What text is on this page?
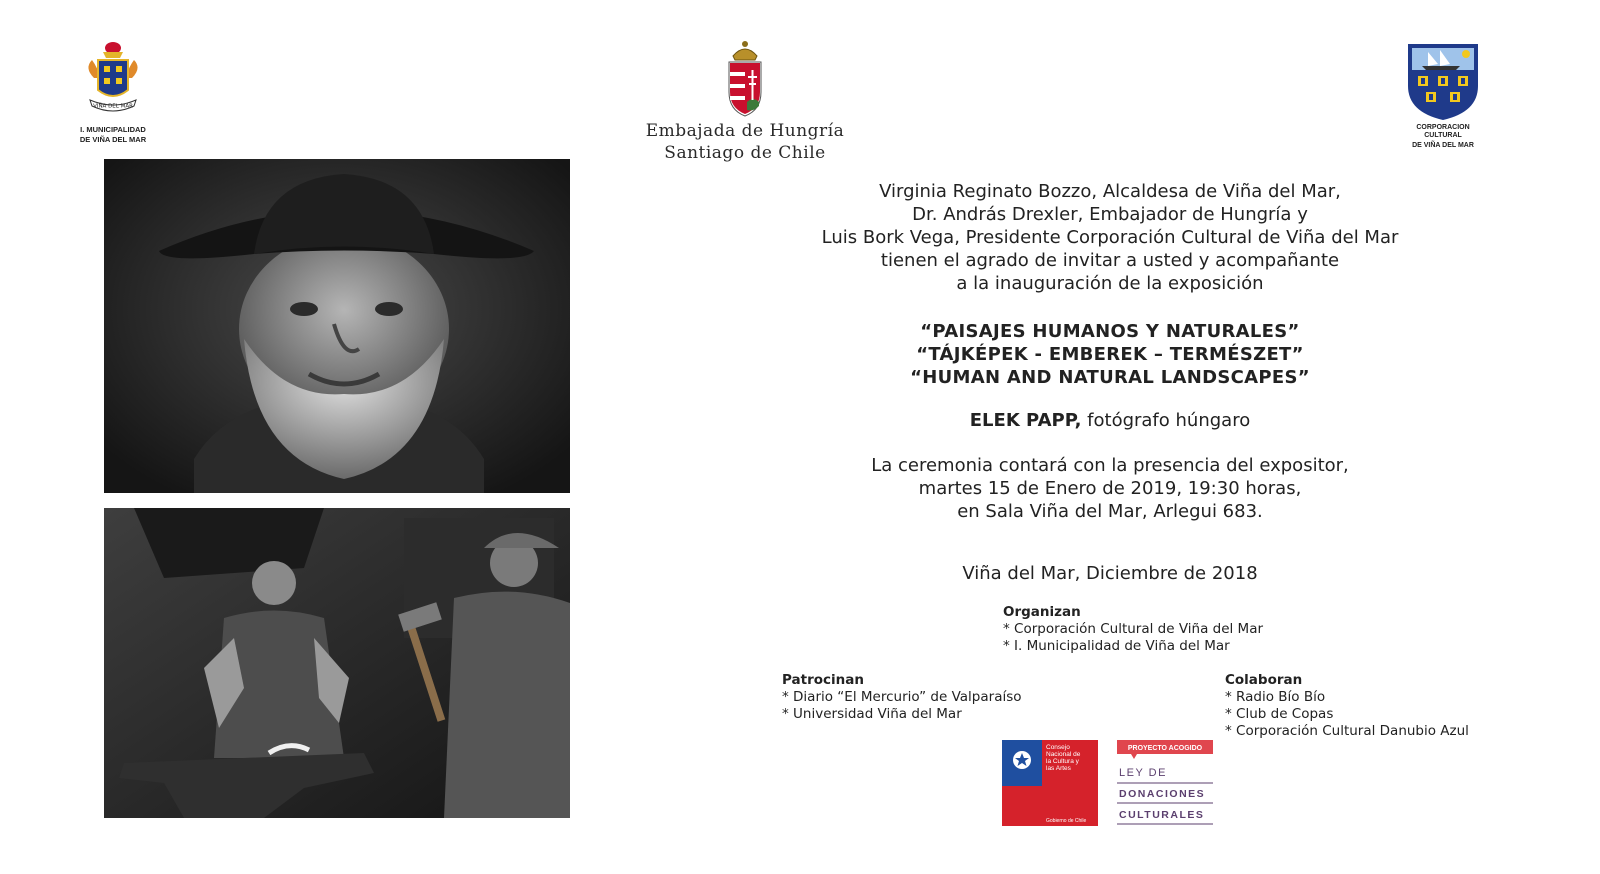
VIÑA DEL MAR
I. MUNICIPALIDAD
DE VIÑA DEL MAR	Embajada de Hungría
Santiago de Chile
CORPORACION CULTURAL
DE VIÑA DEL MAR
Virginia Reginato Bozzo, Alcaldesa de Viña del Mar,
Dr. András Drexler, Embajador de Hungría y
Luis Bork Vega, Presidente Corporación Cultural de Viña del Mar
tienen el agrado de invitar a usted y acompañante
a la inauguración de la exposición
“PAISAJES HUMANOS Y NATURALES”
“TÁJKÉPEK - EMBEREK – TERMÉSZET”
“HUMAN AND NATURAL LANDSCAPES”
ELEK PAPP, fotógrafo húngaro
La ceremonia contará con la presencia del expositor,
martes 15 de Enero de 2019, 19:30 horas,
en Sala Viña del Mar, Arlegui 683.
Viña del Mar, Diciembre de 2018
Organizan
* Corporación Cultural de Viña del Mar
* I. Municipalidad de Viña del Mar
Patrocinan
* Diario “El Mercurio” de Valparaíso
* Universidad Viña del Mar
Colaboran
* Radio Bío Bío
* Club de Copas
* Corporación Cultural Danubio Azul
Consejo
Nacional de
la Cultura y
las Artes
Gobierno de Chile
PROYECTO ACOGIDO
LEY DE
DONACIONES
CULTURALES
